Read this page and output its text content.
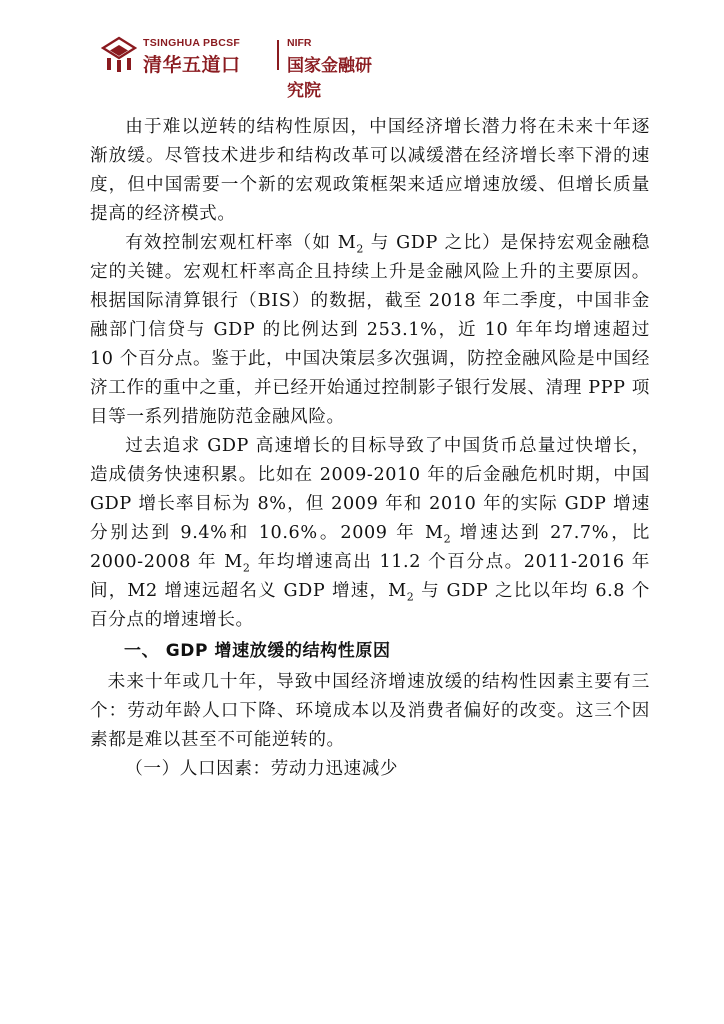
TSINGHUA PBCSF
清华五道口
NIFR
国家金融研究院

由于难以逆转的结构性原因，中国经济增长潜力将在未来十年逐渐放缓。尽管技术进步和结构改革可以减缓潜在经济增长率下滑的速度，但中国需要一个新的宏观政策框架来适应增速放缓、但增长质量提高的经济模式。

有效控制宏观杠杆率（如 $M_2$ 与 GDP 之比）是保持宏观金融稳定的关键。宏观杠杆率高企且持续上升是金融风险上升的主要原因。根据国际清算银行（BIS）的数据，截至 2018 年二季度，中国非金融部门信贷与 GDP 的比例达到 253.1%，近 10 年年均增速超过 10 个百分点。鉴于此，中国决策层多次强调，防控金融风险是中国经济工作的重中之重，并已经开始通过控制影子银行发展、清理 PPP 项目等一系列措施防范金融风险。

过去追求 GDP 高速增长的目标导致了中国货币总量过快增长，造成债务快速积累。比如在 2009-2010 年的后金融危机时期，中国 GDP 增长率目标为 8%，但 2009 年和 2010 年的实际 GDP 增速分别达到 9.4%和 10.6%。2009 年 $M_2$ 增速达到 27.7%，比 2000-2008 年 $M_2$ 年均增速高出 11.2 个百分点。2011-2016 年间，M2 增速远超名义 GDP 增速，$M_2$ 与 GDP 之比以年均 6.8 个百分点的增速增长。

一、 GDP 增速放缓的结构性原因

未来十年或几十年，导致中国经济增速放缓的结构性因素主要有三个：劳动年龄人口下降、环境成本以及消费者偏好的改变。这三个因素都是难以甚至不可能逆转的。

（一）人口因素：劳动力迅速减少
